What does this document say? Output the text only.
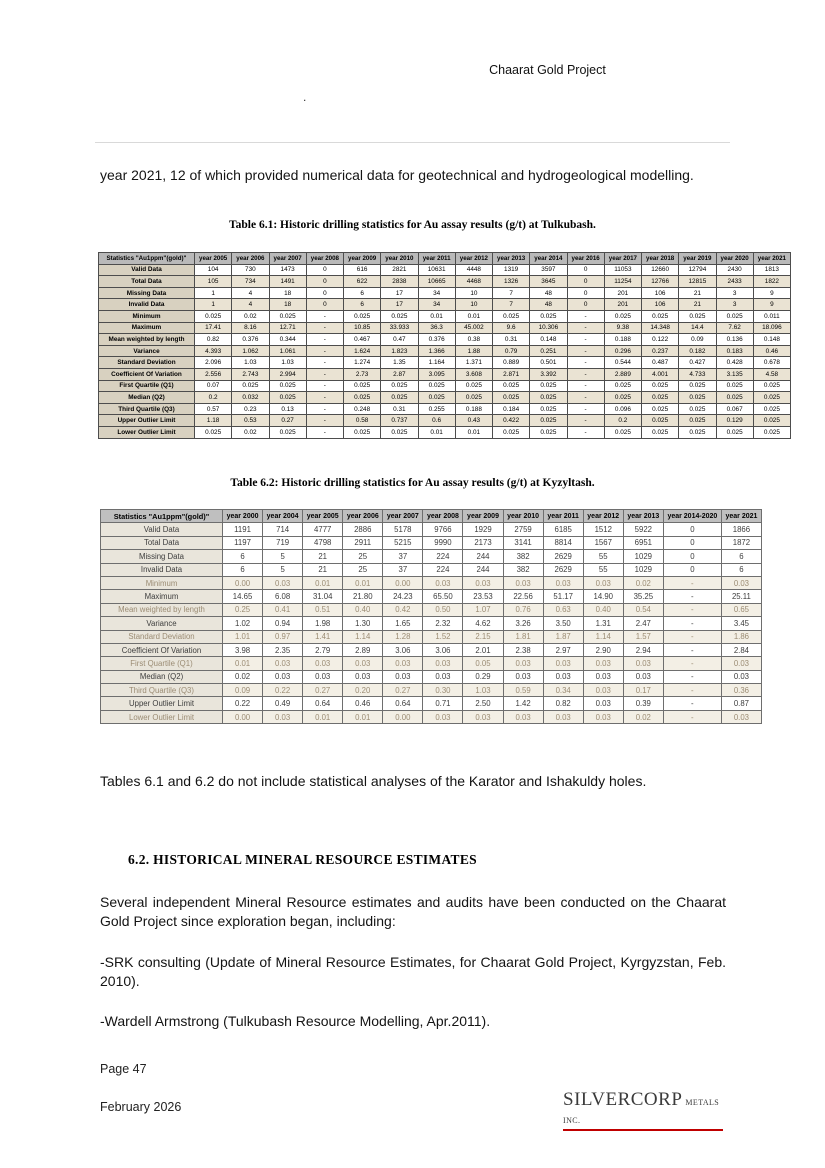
Chaarat Gold Project
.

year 2021, 12 of which provided numerical data for geotechnical and hydrogeological modelling.

Table 6.1: Historic drilling statistics for Au assay results (g/t) at Tulkubash.
Statistics "Au1ppm"(gold)"	year 2005	year 2006	year 2007	year 2008	year 2009	year 2010	year 2011	year 2012	year 2013	year 2014	year 2016	year 2017	year 2018	year 2019	year 2020	year 2021
Valid Data	104	730	1473	0	616	2821	10631	4448	1319	3597	0	11053	12660	12794	2430	1813
Total Data	105	734	1491	0	622	2838	10665	4468	1326	3645	0	11254	12766	12815	2433	1822
Missing Data	1	4	18	0	6	17	34	10	7	48	0	201	106	21	3	9
Invalid Data	1	4	18	0	6	17	34	10	7	48	0	201	106	21	3	9
Minimum	0.025	0.02	0.025	-	0.025	0.025	0.01	0.01	0.025	0.025	-	0.025	0.025	0.025	0.025	0.011
Maximum	17.41	8.16	12.71	-	10.85	33.933	36.3	45.002	9.6	10.306	-	9.38	14.348	14.4	7.62	18.096
Mean weighted by length	0.82	0.376	0.344	-	0.467	0.47	0.376	0.38	0.31	0.148	-	0.188	0.122	0.09	0.136	0.148
Variance	4.393	1.062	1.061	-	1.624	1.823	1.366	1.88	0.79	0.251	-	0.296	0.237	0.182	0.183	0.46
Standard Deviation	2.096	1.03	1.03	-	1.274	1.35	1.164	1.371	0.889	0.501	-	0.544	0.487	0.427	0.428	0.678
Coefficient Of Variation	2.556	2.743	2.994	-	2.73	2.87	3.095	3.608	2.871	3.392	-	2.889	4.001	4.733	3.135	4.58
First Quartile (Q1)	0.07	0.025	0.025	-	0.025	0.025	0.025	0.025	0.025	0.025	-	0.025	0.025	0.025	0.025	0.025
Median (Q2)	0.2	0.032	0.025	-	0.025	0.025	0.025	0.025	0.025	0.025	-	0.025	0.025	0.025	0.025	0.025
Third Quartile (Q3)	0.57	0.23	0.13	-	0.248	0.31	0.255	0.188	0.184	0.025	-	0.096	0.025	0.025	0.067	0.025
Upper Outlier Limit	1.18	0.53	0.27	-	0.58	0.737	0.6	0.43	0.422	0.025	-	0.2	0.025	0.025	0.129	0.025
Lower Outlier Limit	0.025	0.02	0.025	-	0.025	0.025	0.01	0.01	0.025	0.025	-	0.025	0.025	0.025	0.025	0.025
Table 6.2: Historic drilling statistics for Au assay results (g/t) at Kyzyltash.
Statistics "Au1ppm"(gold)"	year 2000	year 2004	year 2005	year 2006	year 2007	year 2008	year 2009	year 2010	year 2011	year 2012	year 2013	year 2014-2020	year 2021
Valid Data	1191	714	4777	2886	5178	9766	1929	2759	6185	1512	5922	0	1866
Total Data	1197	719	4798	2911	5215	9990	2173	3141	8814	1567	6951	0	1872
Missing Data	6	5	21	25	37	224	244	382	2629	55	1029	0	6
Invalid Data	6	5	21	25	37	224	244	382	2629	55	1029	0	6
Minimum	0.00	0.03	0.01	0.01	0.00	0.03	0.03	0.03	0.03	0.03	0.02	-	0.03
Maximum	14.65	6.08	31.04	21.80	24.23	65.50	23.53	22.56	51.17	14.90	35.25	-	25.11
Mean weighted by length	0.25	0.41	0.51	0.40	0.42	0.50	1.07	0.76	0.63	0.40	0.54	-	0.65
Variance	1.02	0.94	1.98	1.30	1.65	2.32	4.62	3.26	3.50	1.31	2.47	-	3.45
Standard Deviation	1.01	0.97	1.41	1.14	1.28	1.52	2.15	1.81	1.87	1.14	1.57	-	1.86
Coefficient Of Variation	3.98	2.35	2.79	2.89	3.06	3.06	2.01	2.38	2.97	2.90	2.94	-	2.84
First Quartile (Q1)	0.01	0.03	0.03	0.03	0.03	0.03	0.05	0.03	0.03	0.03	0.03	-	0.03
Median (Q2)	0.02	0.03	0.03	0.03	0.03	0.03	0.29	0.03	0.03	0.03	0.03	-	0.03
Third Quartile (Q3)	0.09	0.22	0.27	0.20	0.27	0.30	1.03	0.59	0.34	0.03	0.17	-	0.36
Upper Outlier Limit	0.22	0.49	0.64	0.46	0.64	0.71	2.50	1.42	0.82	0.03	0.39	-	0.87
Lower Outlier Limit	0.00	0.03	0.01	0.01	0.00	0.03	0.03	0.03	0.03	0.03	0.02	-	0.03

Tables 6.1 and 6.2 do not include statistical analyses of the Karator and Ishakuldy holes.

6.2. HISTORICAL MINERAL RESOURCE ESTIMATES

Several independent Mineral Resource estimates and audits have been conducted on the Chaarat Gold Project since exploration began, including:

-SRK consulting (Update of Mineral Resource Estimates, for Chaarat Gold Project, Kyrgyzstan, Feb. 2010).

-Wardell Armstrong (Tulkubash Resource Modelling, Apr.2011).

Page 47
February 2026	SILVERCORP METALS INC.
